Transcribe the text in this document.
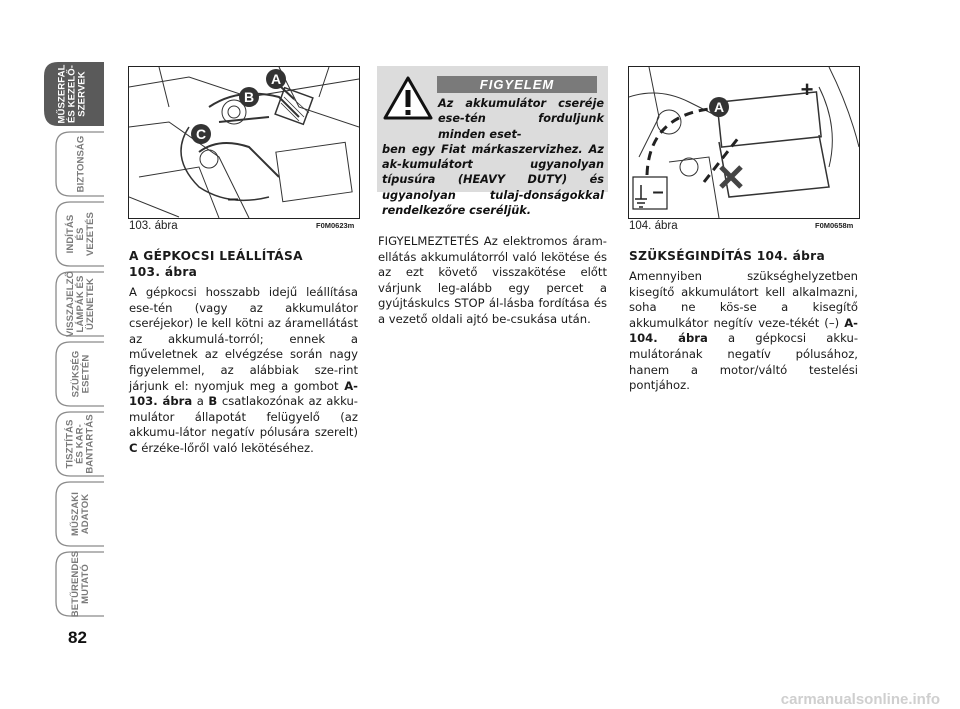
MŰSZERFAL
ÉS KEZELŐ-
SZERVEK
BIZTONSÁG
INDÍTÁS
ÉS VEZETÉS
VISSZAJELZŐ
LÁMPÁK ÉS
ÜZENETEK
SZÜKSÉG
ESETÉN
TISZTÍTÁS
ÉS KAR-
BANTARTÁS
MŰSZAKI
ADATOK
BETŰRENDES
MUTATÓ
82
A
B
C
–
103. ábra	F0M0623m
–
+
A
104. ábra	F0M0658m
A GÉPKOCSI LEÁLLÍTÁSA
103. ábra

A gépkocsi hosszabb idejű leállítása ese-tén (vagy az akkumulátor cseréjekor) le kell kötni az áramellátást az akkumulá-torról; ennek a műveletnek az elvégzése során nagy figyelemmel, az alábbiak sze-rint járjunk el: nyomjuk meg a gombot A-103. ábra a B csatlakozónak az akku-mulátor állapotát felügyelő (az akkumu-látor negatív pólusára szerelt) C érzéke-lőről való lekötéséhez.

FIGYELEM
Az akkumulátor cseréje ese-tén forduljunk minden eset-
ben egy Fiat márkaszervizhez. Az ak-kumulátort ugyanolyan típusúra (HEAVY DUTY) és ugyanolyan tulaj-donságokkal rendelkezőre cseréljük.

FIGYELMEZTETÉS Az elektromos áram-ellátás akkumulátorról való lekötése és az ezt követő visszakötése előtt várjunk leg-alább egy percet a gyújtáskulcs STOP ál-lásba fordítása és a vezető oldali ajtó be-csukása után.

SZÜKSÉGINDÍTÁS 104. ábra

Amennyiben szükséghelyzetben kisegítő akkumulátort kell alkalmazni, soha ne kös-se a kisegítő akkumulkátor negítív veze-tékét (–) A-104. ábra a gépkocsi akku-mulátorának negatív pólusához, hanem a motor/váltó testelési pontjához.

carmanualsonline.info
